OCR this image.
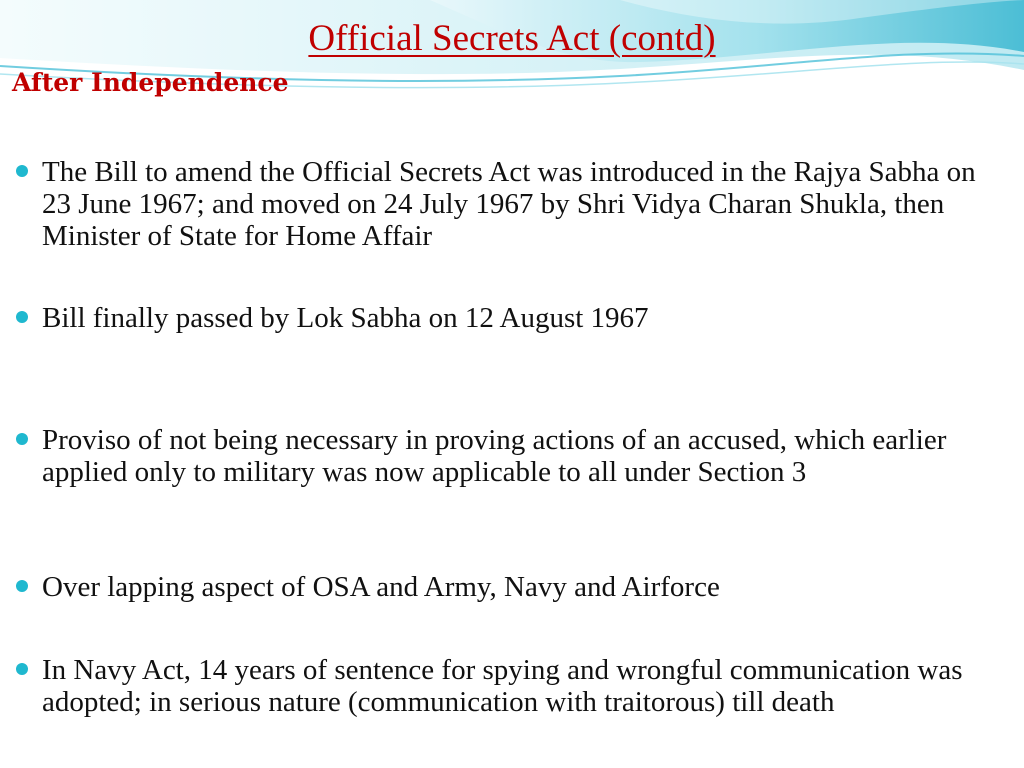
Official Secrets Act (contd)
After Independence
The Bill to amend the Official Secrets Act was introduced in the Rajya Sabha on 23 June 1967; and moved on 24 July 1967 by Shri Vidya Charan Shukla, then Minister of State for Home Affair
Bill finally passed by Lok Sabha on 12 August 1967
Proviso of not being necessary in proving actions of an accused, which earlier applied only to military was now applicable to all under Section 3
Over lapping aspect of OSA and Army, Navy and Airforce
In Navy Act, 14 years of sentence for spying and wrongful communication was adopted; in serious nature (communication with traitorous) till death
